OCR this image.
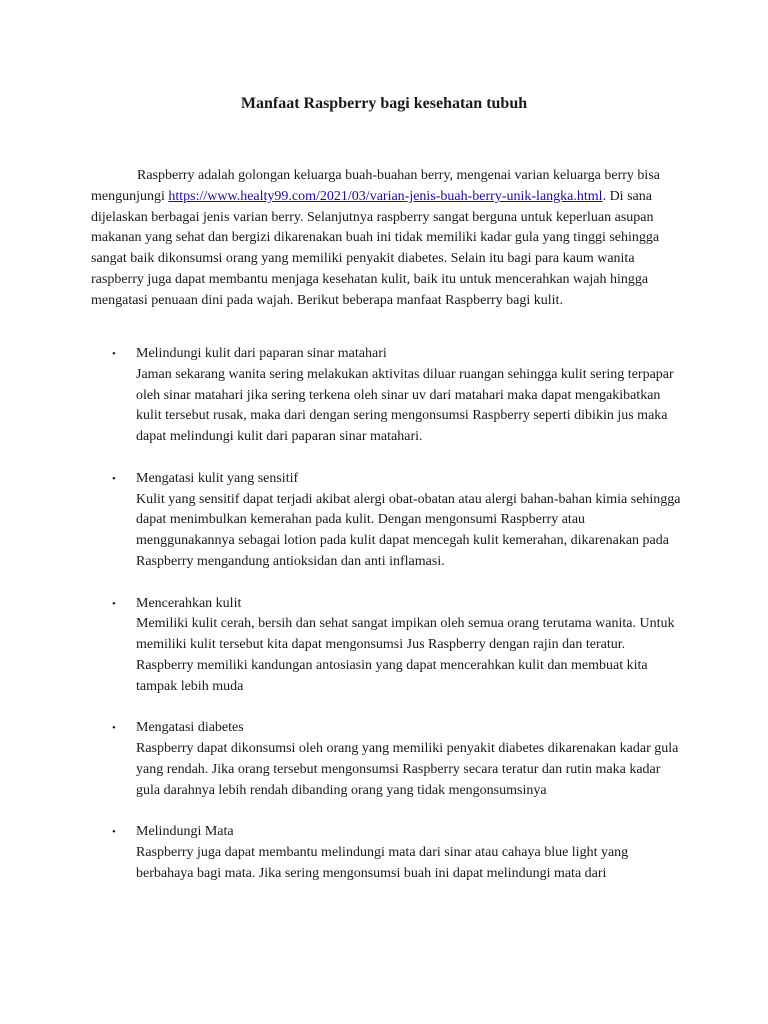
Manfaat Raspberry bagi kesehatan tubuh

Raspberry adalah golongan keluarga buah-buahan berry, mengenai varian keluarga berry bisa mengunjungi https://www.healty99.com/2021/03/varian-jenis-buah-berry-unik-langka.html. Di sana dijelaskan berbagai jenis varian berry. Selanjutnya raspberry sangat berguna untuk keperluan asupan makanan yang sehat dan bergizi dikarenakan buah ini tidak memiliki kadar gula yang tinggi sehingga sangat baik dikonsumsi orang yang memiliki penyakit diabetes. Selain itu bagi para kaum wanita raspberry juga dapat membantu menjaga kesehatan kulit, baik itu untuk mencerahkan wajah hingga mengatasi penuaan dini pada wajah. Berikut beberapa manfaat Raspberry bagi kulit.

• Melindungi kulit dari paparan sinar matahari
Jaman sekarang wanita sering melakukan aktivitas diluar ruangan sehingga kulit sering terpapar oleh sinar matahari jika sering terkena oleh sinar uv dari matahari maka dapat mengakibatkan kulit tersebut rusak, maka dari dengan sering mengonsumsi Raspberry seperti dibikin jus maka dapat melindungi kulit dari paparan sinar matahari.
• Mengatasi kulit yang sensitif
Kulit yang sensitif dapat terjadi akibat alergi obat-obatan atau alergi bahan-bahan kimia sehingga dapat menimbulkan kemerahan pada kulit. Dengan mengonsumi Raspberry atau menggunakannya sebagai lotion pada kulit dapat mencegah kulit kemerahan, dikarenakan pada Raspberry mengandung antioksidan dan anti inflamasi.
• Mencerahkan kulit
Memiliki kulit cerah, bersih dan sehat sangat impikan oleh semua orang terutama wanita. Untuk memiliki kulit tersebut kita dapat mengonsumsi Jus Raspberry dengan rajin dan teratur. Raspberry memiliki kandungan antosiasin yang dapat mencerahkan kulit dan membuat kita tampak lebih muda
• Mengatasi diabetes
Raspberry dapat dikonsumsi oleh orang yang memiliki penyakit diabetes dikarenakan kadar gula yang rendah. Jika orang tersebut mengonsumsi Raspberry secara teratur dan rutin maka kadar gula darahnya lebih rendah dibanding orang yang tidak mengonsumsinya
• Melindungi Mata
Raspberry juga dapat membantu melindungi mata dari sinar atau cahaya blue light yang berbahaya bagi mata. Jika sering mengonsumsi buah ini dapat melindungi mata dari
